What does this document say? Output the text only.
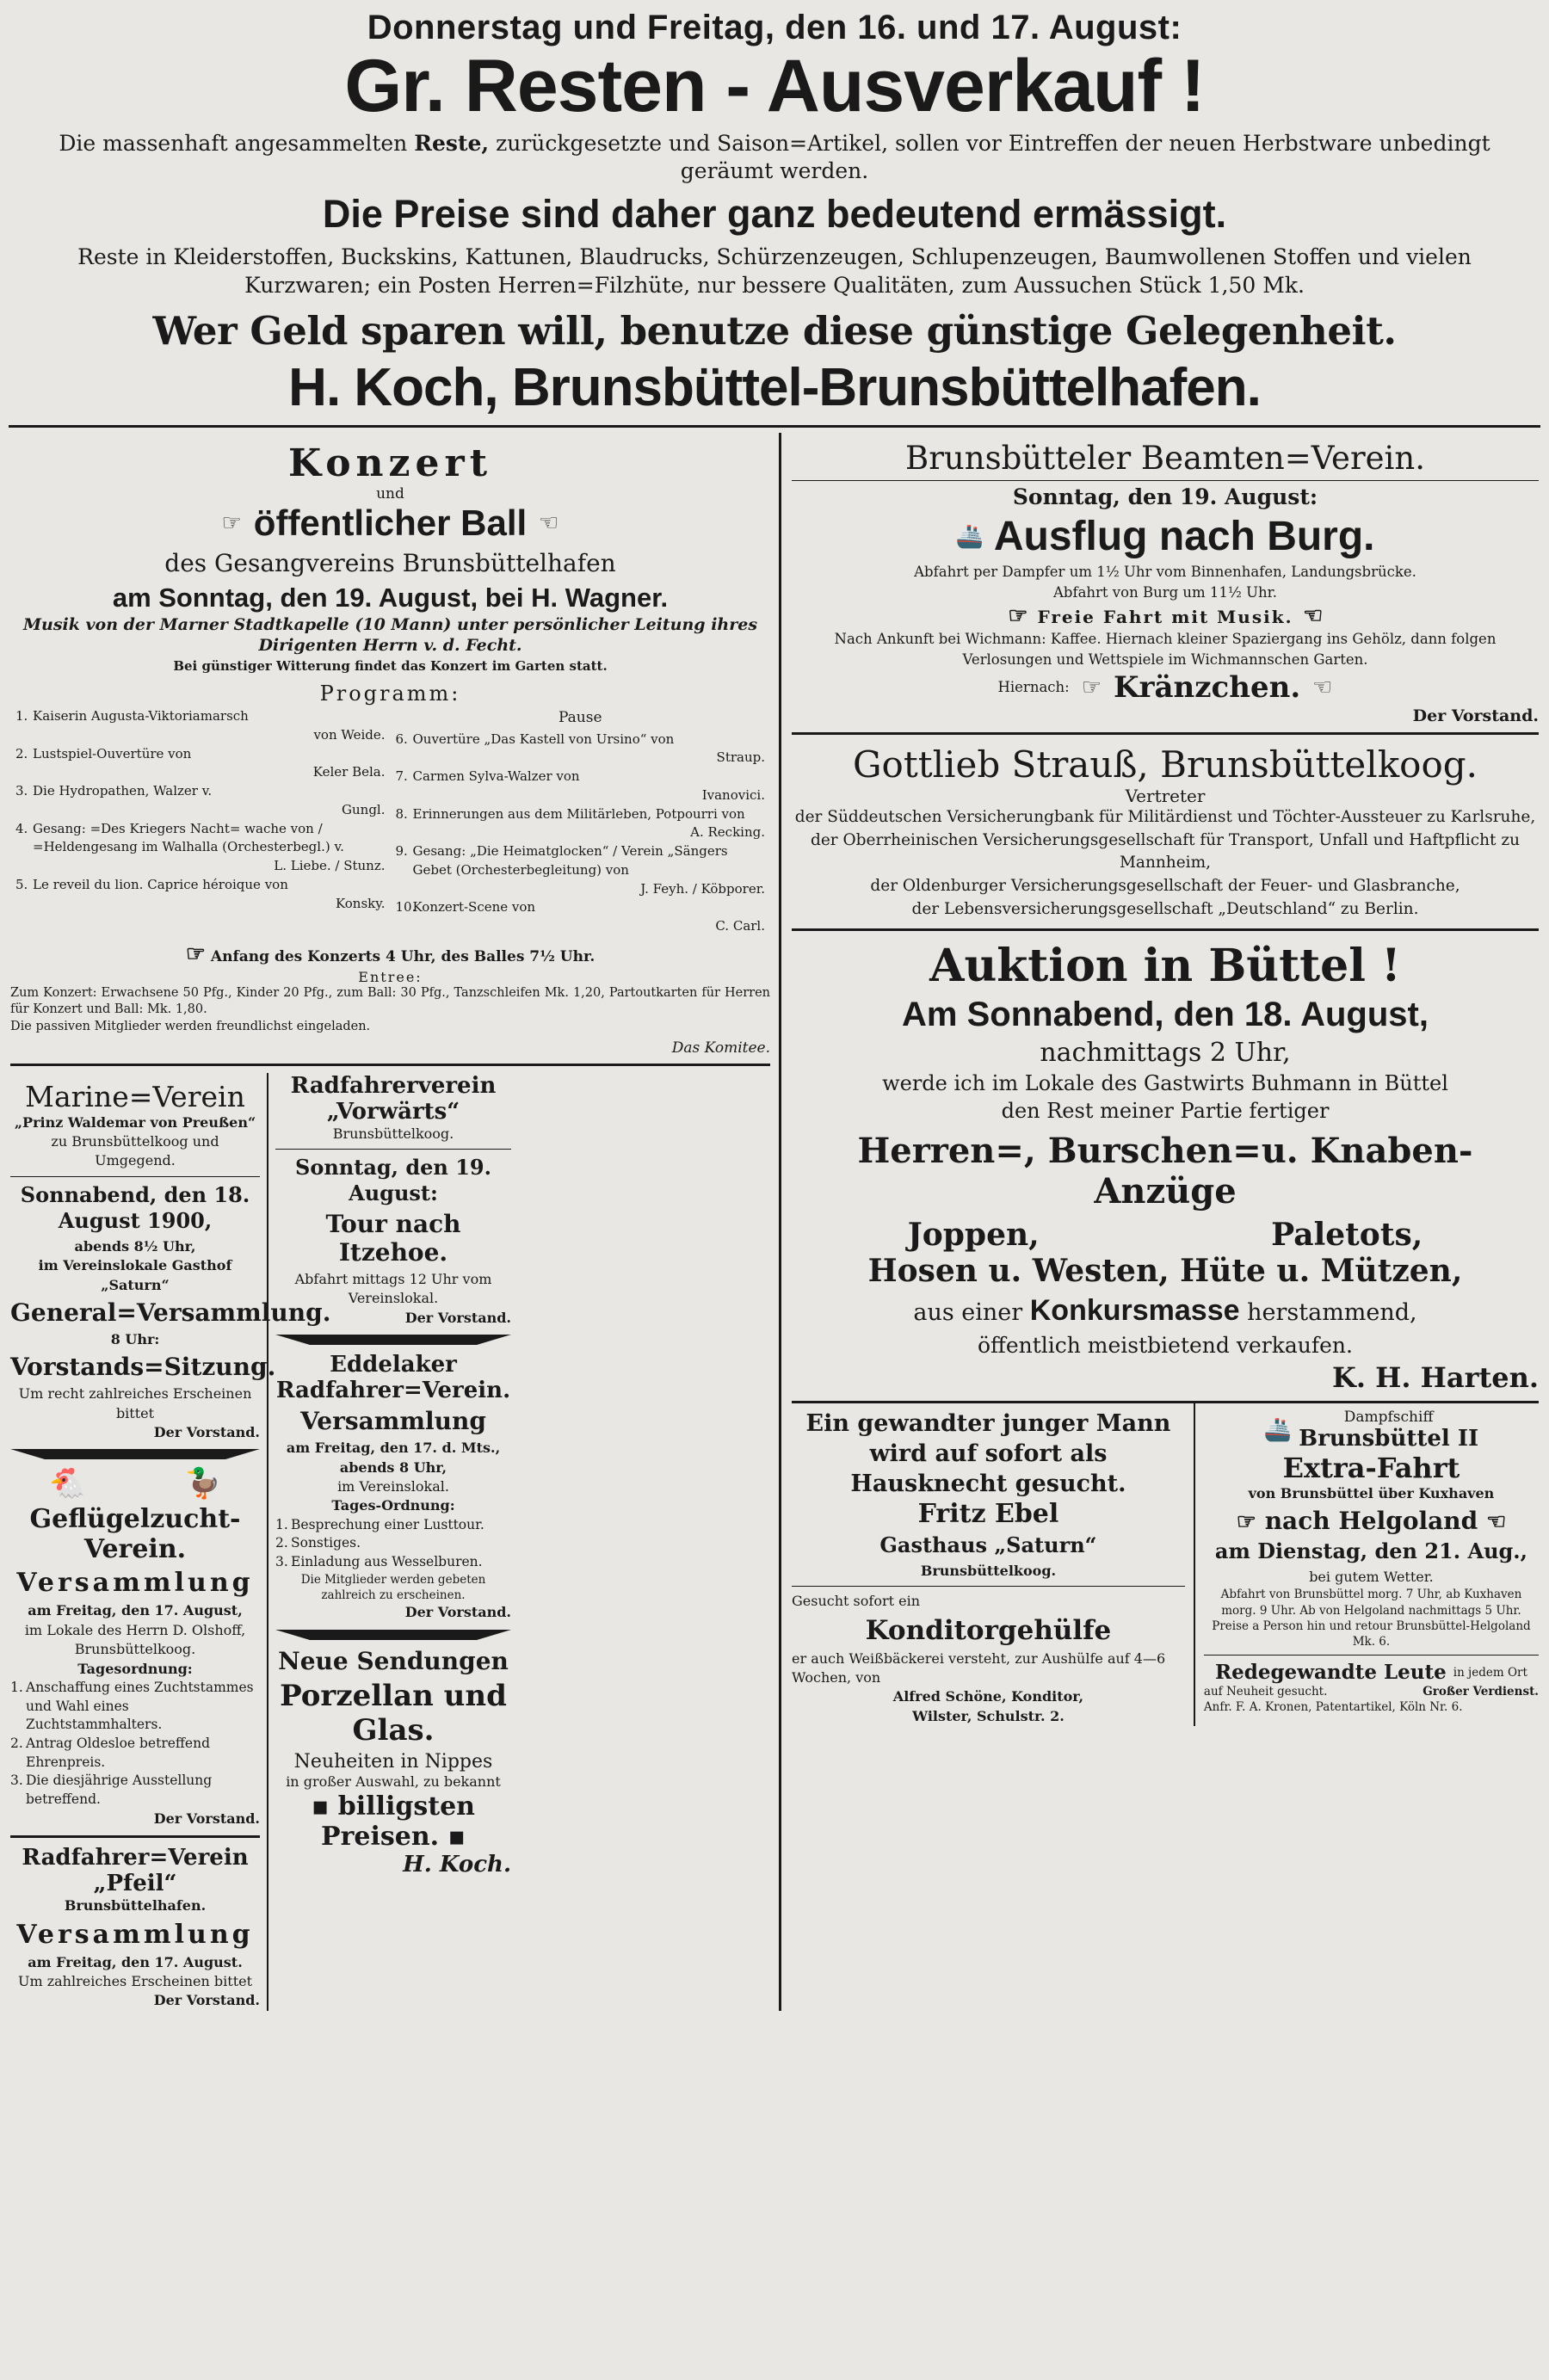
Donnerstag und Freitag, den 16. und 17. August:
Gr. Resten - Ausverkauf !
Die massenhaft angesammelten Reste, zurückgesetzte und Saison=Artikel, sollen vor Eintreffen der neuen Herbstware unbedingt geräumt werden.
Die Preise sind daher ganz bedeutend ermässigt.
Reste in Kleiderstoffen, Buckskins, Kattunen, Blaudrucks, Schürzenzeugen, Schlupenzeugen, Baumwollenen Stoffen und vielen Kurzwaren; ein Posten Herren=Filzhüte, nur bessere Qualitäten, zum Aussuchen Stück 1,50 Mk.
Wer Geld sparen will, benutze diese günstige Gelegenheit.
H. Koch, Brunsbüttel-Brunsbüttelhafen.
Konzert
und
☞ öffentlicher Ball ☞
des Gesangvereins Brunsbüttelhafen
am Sonntag, den 19. August, bei H. Wagner.
Musik von der Marner Stadtkapelle (10 Mann) unter persönlicher Leitung ihres Dirigenten Herrn v. d. Fecht.
Bei günstiger Witterung findet das Konzert im Garten statt.
Programm:
1. Kaiserin Augusta-Viktoriamarsch
von Weide.
2. Lustspiel-Ouvertüre von
Keler Bela.
3. Die Hydropathen, Walzer v.
Gungl.
4. Gesang: =Des Kriegers Nacht= wache von / =Heldengesang im Walhalla (Orchesterbegl.) v.
L. Liebe. / Stunz.
5. Le reveil du lion. Caprice héroique von
Konsky.
Pause
6. Ouvertüre „Das Kastell von Ursino“ von
Straup.
7. Carmen Sylva-Walzer von
Ivanovici.
8. Erinnerungen aus dem Militärleben, Potpourri von
A. Recking.
9. Gesang: „Die Heimatglocken“ / Verein „Sängers Gebet (Orchesterbegleitung) von
J. Feyh. / Köbporer.
10.
Konzert-Scene von
C. Carl.
☞ Anfang des Konzerts 4 Uhr, des Balles 7½ Uhr.
Entree:
Zum Konzert: Erwachsene 50 Pfg., Kinder 20 Pfg., zum Ball: 30 Pfg., Tanzschleifen Mk. 1,20, Partoutkarten für Herren für Konzert und Ball: Mk. 1,80.
Die passiven Mitglieder werden freundlichst eingeladen.
Das Komitee.
Marine=Verein
„Prinz Waldemar von Preußen“
zu Brunsbüttelkoog und Umgegend.
Sonnabend, den 18. August 1900,
abends 8½ Uhr,
im Vereinslokale Gasthof „Saturn“
General=Versammlung.
8 Uhr:
Vorstands=Sitzung.
Um recht zahlreiches Erscheinen bittet
Der Vorstand.
🐔	🦆
Geflügelzucht-Verein.
Versammlung
am Freitag, den 17. August,
im Lokale des Herrn D. Olshoff, Brunsbüttelkoog.
Tagesordnung:
1. Anschaffung eines Zuchtstammes und Wahl eines Zuchtstammhalters.
2. Antrag Oldesloe betreffend Ehrenpreis.
3. Die diesjährige Ausstellung betreffend.
Der Vorstand.
Radfahrer=Verein „Pfeil“
Brunsbüttelhafen.
Versammlung
am Freitag, den 17. August.
Um zahlreiches Erscheinen bittet
Der Vorstand.
Radfahrerverein „Vorwärts“
Brunsbüttelkoog.
Sonntag, den 19. August:
Tour nach Itzehoe.
Abfahrt mittags 12 Uhr vom Vereinslokal.
Der Vorstand.
Eddelaker Radfahrer=Verein.
Versammlung
am Freitag, den 17. d. Mts.,
abends 8 Uhr,
im Vereinslokal.
Tages-Ordnung:
1. Besprechung einer Lusttour.
2. Sonstiges.
3. Einladung aus Wesselburen.
Die Mitglieder werden gebeten zahlreich zu erscheinen.
Der Vorstand.
Neue Sendungen
Porzellan und Glas.
Neuheiten in Nippes
in großer Auswahl, zu bekannt
▪ billigsten Preisen. ▪
H. Koch.
Brunsbütteler Beamten=Verein.
Sonntag, den 19. August:
🚢 Ausflug nach Burg.
Abfahrt per Dampfer um 1½ Uhr vom Binnenhafen, Landungsbrücke.
Abfahrt von Burg um 11½ Uhr.
☞ Freie Fahrt mit Musik. ☞
Nach Ankunft bei Wichmann: Kaffee. Hiernach kleiner Spaziergang ins Gehölz, dann folgen Verlosungen und Wettspiele im Wichmannschen Garten.
Hiernach: ☞ Kränzchen. ☞
Der Vorstand.
Gottlieb Strauß, Brunsbüttelkoog.
Vertreter
der Süddeutschen Versicherungbank für Militärdienst und Töchter-Aussteuer zu Karlsruhe,
der Oberrheinischen Versicherungsgesellschaft für Transport, Unfall und Haftpflicht zu Mannheim,
der Oldenburger Versicherungsgesellschaft der Feuer- und Glasbranche,
der Lebensversicherungsgesellschaft „Deutschland“ zu Berlin.
Auktion in Büttel !
Am Sonnabend, den 18. August,
nachmittags 2 Uhr,
werde ich im Lokale des Gastwirts Buhmann in Büttel
den Rest meiner Partie fertiger
Herren=, Burschen=u. Knaben-Anzüge
Joppen,	Paletots,
Hosen u. Westen, Hüte u. Mützen,
aus einer Konkursmasse herstammend,
öffentlich meistbietend verkaufen.
K. H. Harten.
Ein gewandter junger Mann wird auf sofort als Hausknecht gesucht.
Fritz Ebel
Gasthaus „Saturn“
Brunsbüttelkoog.
Gesucht sofort ein
Konditorgehülfe
er auch Weißbäckerei versteht, zur Aushülfe auf 4—6 Wochen, von
Alfred Schöne, Konditor,
Wilster, Schulstr. 2.
🚢	Dampfschiff
Brunsbüttel II
Extra-Fahrt
von Brunsbüttel über Kuxhaven
☞ nach Helgoland ☞
am Dienstag, den 21. Aug.,
bei gutem Wetter.
Abfahrt von Brunsbüttel morg. 7 Uhr, ab Kuxhaven morg. 9 Uhr. Ab von Helgoland nachmittags 5 Uhr.
Preise a Person hin und retour Brunsbüttel-Helgoland Mk. 6.
Redegewandte Leute in jedem Ort
auf Neuheit gesucht.	Großer Verdienst.
Anfr. F. A. Kronen, Patentartikel, Köln Nr. 6.
